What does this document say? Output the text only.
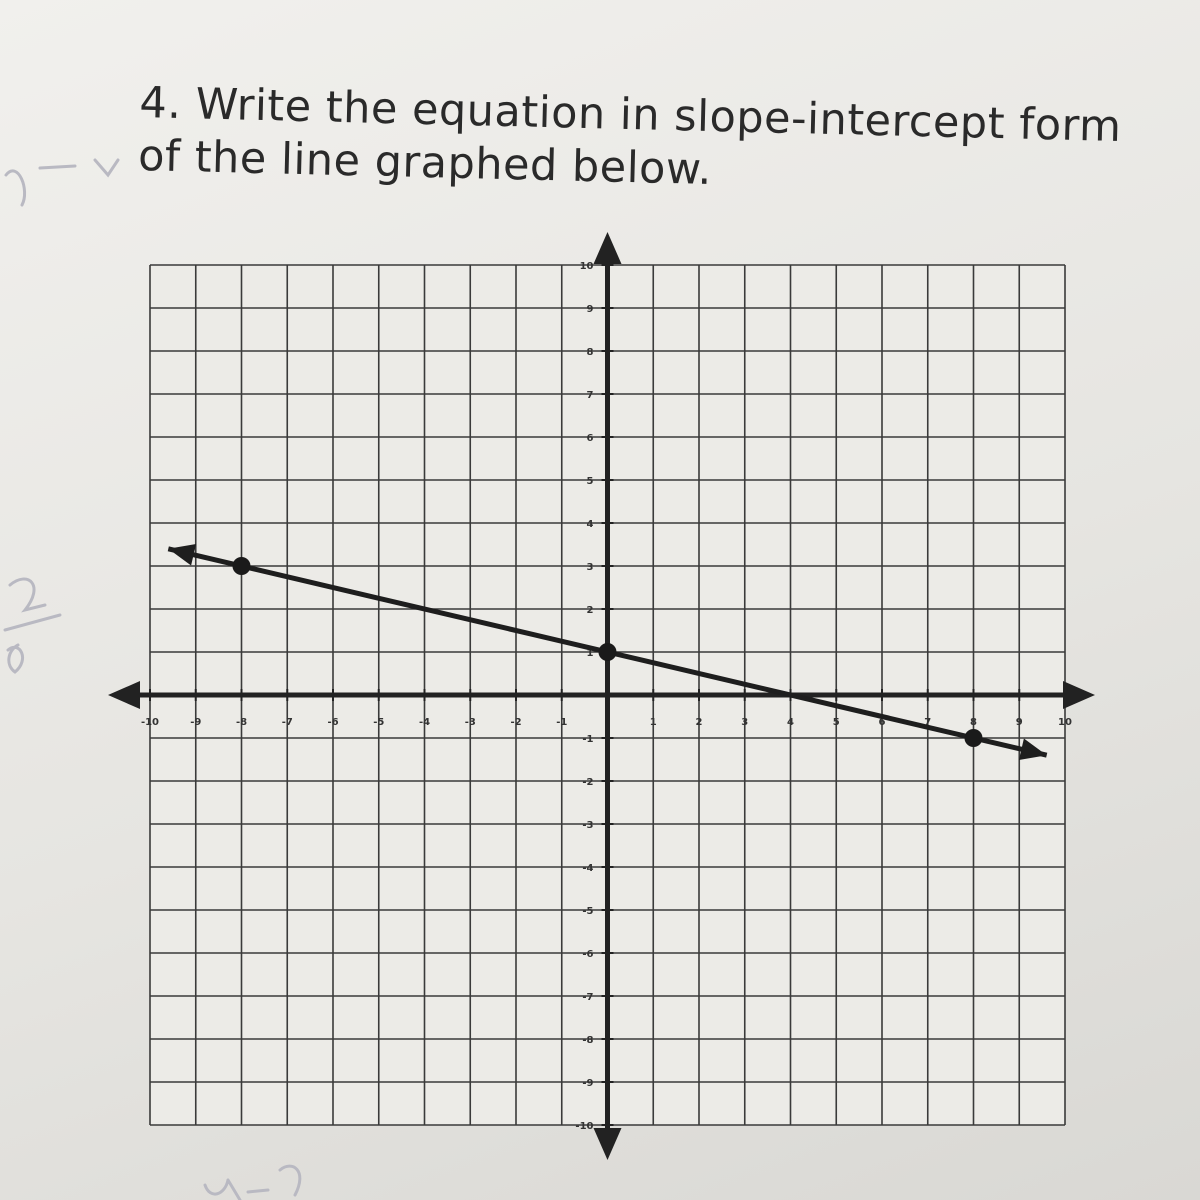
4. Write the equation in slope-intercept form
of the line graphed below.

-10	-9	-8	-7	-6	-5	-4	-3	-2	-1	1	2	3	4	5	6	7	8	9	10
10
9
8
7
6
5
4
3
2
1
-1
-2
-3
-4
-5
-6
-7
-8
-9
-10
